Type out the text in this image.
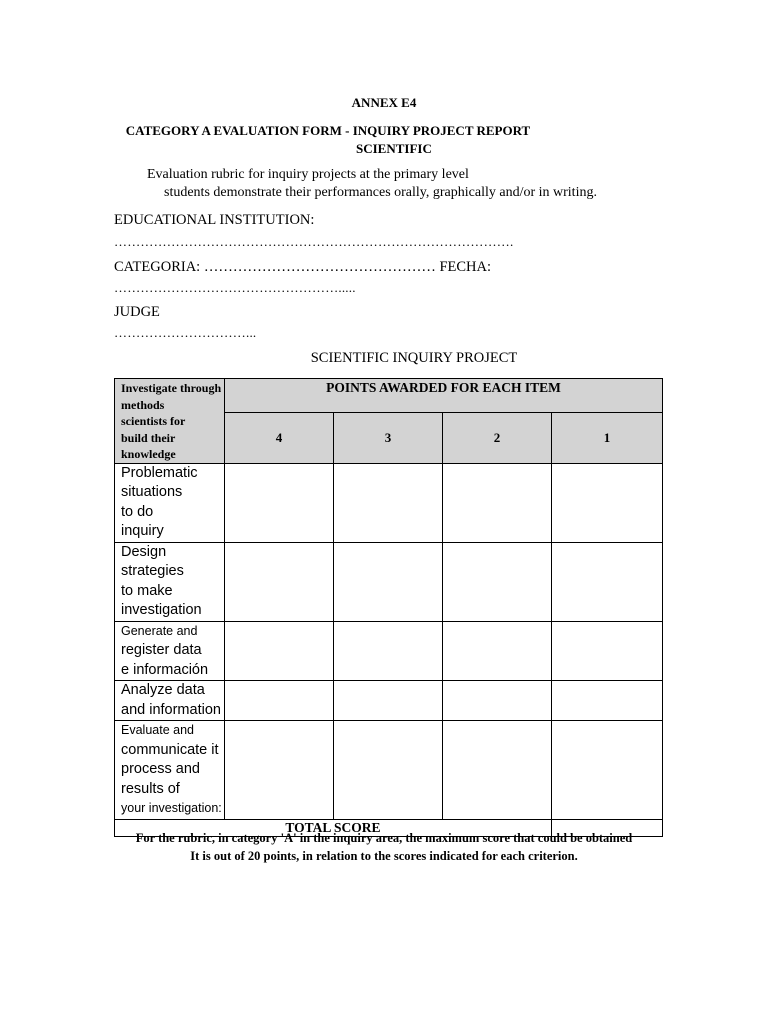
ANNEX E4
CATEGORY A EVALUATION FORM - INQUIRY PROJECT REPORT
SCIENTIFIC
Evaluation rubric for inquiry projects at the primary level
students demonstrate their performances orally, graphically and/or in writing.
EDUCATIONAL INSTITUTION:
……………………………………………………………………………….
CATEGORIA: ………………………………………… FECHA:
…………………………………………….....
JUDGE
…………………………...
SCIENTIFIC INQUIRY PROJECT
Investigate through
methods
scientists for
build their
knowledge	POINTS AWARDED FOR EACH ITEM			
	4	3	2	1

Problematic
situations
to do
inquiry				

Design
strategies
to make
investigation				

Generate and
register data
e información				

Analyze data
and information				

Evaluate and
communicate it
process and
results of
your investigation:				

TOTAL SCORE				
For the rubric, in category 'A' in the inquiry area, the maximum score that could be obtained
It is out of 20 points, in relation to the scores indicated for each criterion.
